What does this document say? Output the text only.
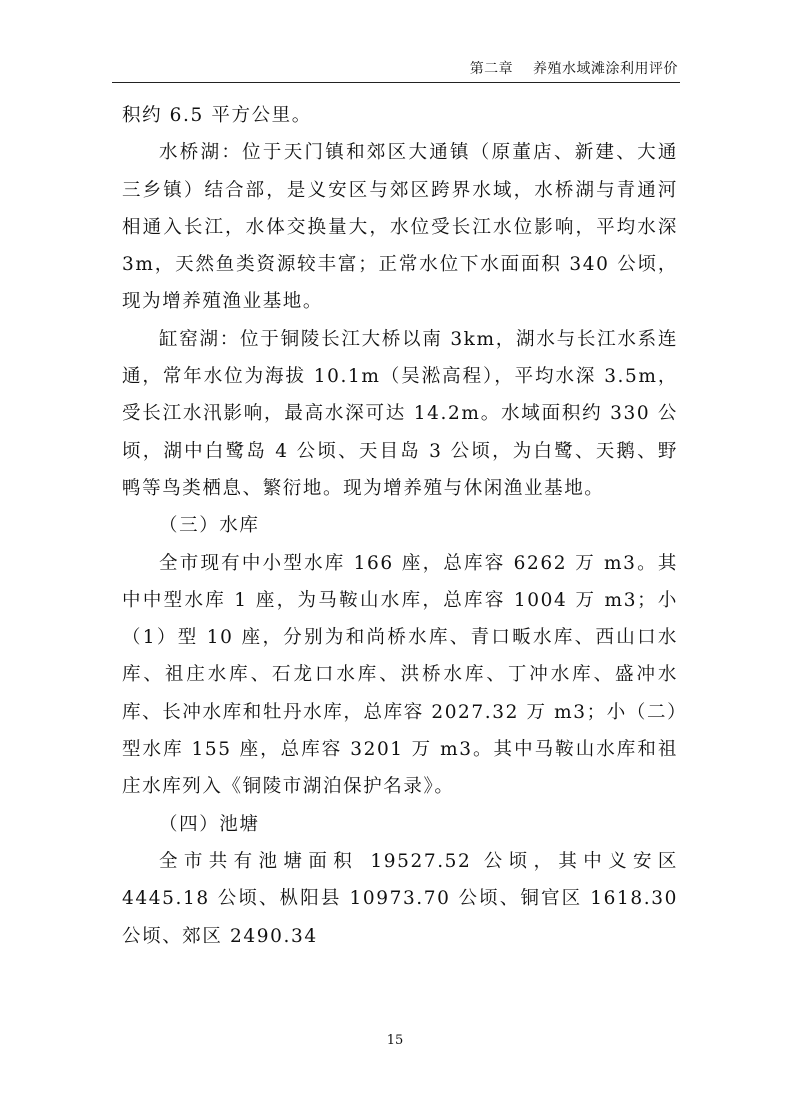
第二章    养殖水域滩涂利用评价

积约 6.5 平方公里。

水桥湖：位于天门镇和郊区大通镇（原董店、新建、大通三乡镇）结合部，是义安区与郊区跨界水域，水桥湖与青通河相通入长江，水体交换量大，水位受长江水位影响，平均水深 3m，天然鱼类资源较丰富；正常水位下水面面积 340 公顷，现为增养殖渔业基地。

缸窑湖：位于铜陵长江大桥以南 3km，湖水与长江水系连通，常年水位为海拔 10.1m（吴淞高程），平均水深 3.5m，受长江水汛影响，最高水深可达 14.2m。水域面积约 330 公顷，湖中白鹭岛 4 公顷、天目岛 3 公顷，为白鹭、天鹅、野鸭等鸟类栖息、繁衍地。现为增养殖与休闲渔业基地。

（三）水库

全市现有中小型水库 166 座，总库容 6262 万 m3。其中中型水库 1 座，为马鞍山水库，总库容 1004 万 m3；小（1）型 10 座，分别为和尚桥水库、青口畈水库、西山口水库、祖庄水库、石龙口水库、洪桥水库、丁冲水库、盛冲水库、长冲水库和牡丹水库，总库容 2027.32 万 m3；小（二）型水库 155 座，总库容 3201 万 m3。其中马鞍山水库和祖庄水库列入《铜陵市湖泊保护名录》。

（四）池塘

全市共有池塘面积 19527.52 公顷，其中义安区 4445.18 公顷、枞阳县 10973.70 公顷、铜官区 1618.30 公顷、郊区 2490.34

15
